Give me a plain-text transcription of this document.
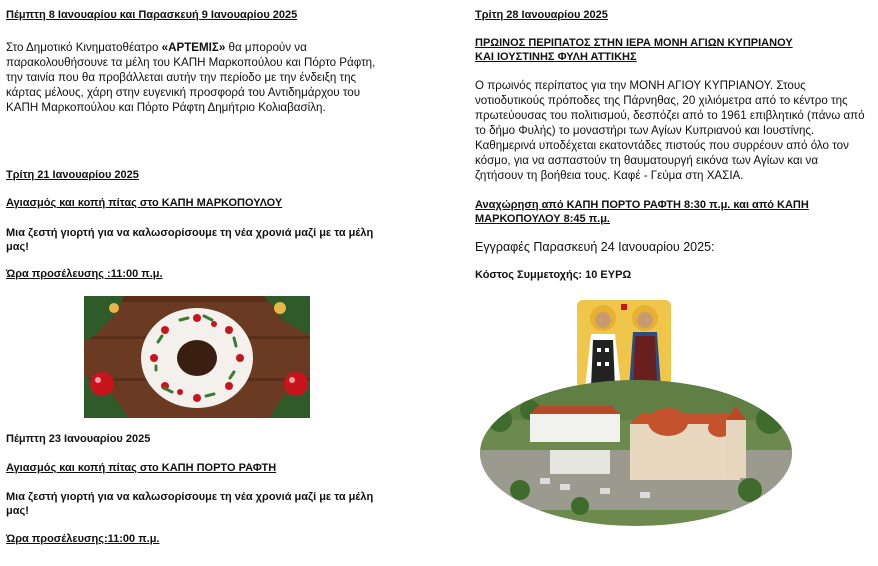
Πέμπτη 8 Ιανουαρίου και Παρασκευή 9 Ιανουαρίου 2025

Στο Δημοτικό Κινηματοθέατρο «ΑΡΤΕΜΙΣ» θα μπορούν να παρακολουθήσουνε τα μέλη του ΚΑΠΗ Μαρκοπούλου και Πόρτο Ράφτη, την ταινία που θα προβάλλεται αυτήν την περίοδο με την ένδειξη της κάρτας μέλους, χάρη στην ευγενική προσφορά του Αντιδημάρχου του ΚΑΠΗ Μαρκοπούλου και Πόρτο Ράφτη Δημήτριο Κολιαβασίλη.

Τρίτη 21 Ιανουαρίου 2025

Αγιασμός και κοπή πίτας στο ΚΑΠΗ ΜΑΡΚΟΠΟΥΛΟΥ

Μια ζεστή γιορτή για να καλωσορίσουμε τη νέα χρονιά μαζί με τα μέλη μας!

Ώρα προσέλευσης :11:00 π.μ.

Πέμπτη 23 Ιανουαρίου 2025

Αγιασμός και κοπή πίτας στο ΚΑΠΗ ΠΟΡΤΟ ΡΑΦΤΗ

Μια ζεστή γιορτή για να καλωσορίσουμε τη νέα χρονιά μαζί με τα μέλη μας!

Ώρα προσέλευσης:11:00 π.μ.

Τρίτη 28 Ιανουαρίου 2025

ΠΡΩΙΝΟΣ ΠΕΡΙΠΑΤΟΣ ΣΤΗΝ ΙΕΡΑ ΜΟΝΗ ΑΓΙΩΝ ΚΥΠΡΙΑΝΟΥ

ΚΑΙ ΙΟΥΣΤΙΝΗΣ ΦΥΛΗ ΑΤΤΙΚΗΣ

Ο πρωινός περίπατος για την ΜΟΝΗ ΑΓΙΟΥ ΚΥΠΡΙΑΝΟΥ. Στους νοτιοδυτικούς πρόποδες της Πάρνηθας, 20 χιλιόμετρα από το κέντρο της πρωτεύουσας του πολιτισμού, δεσπόζει από το 1961 επιβλητικό (πάνω από το δήμο Φυλής) το μοναστήρι των Αγίων Κυπριανού και Ιουστίνης. Καθημερινά υποδέχεται εκατοντάδες πιστούς που συρρέουν από όλο τον κόσμο, για να ασπαστούν τη θαυματουργή εικόνα των Αγίων και να ζητήσουν τη βοήθεια τους. Καφέ - Γεύμα στη ΧΑΣΙΑ.

Αναχώρηση από ΚΑΠΗ ΠΟΡΤΟ ΡΑΦΤΗ 8:30 π.μ. και από ΚΑΠΗ ΜΑΡΚΟΠΟΥΛΟΥ 8:45 π.μ.

Εγγραφές Παρασκευή 24 Ιανουαρίου 2025:

Κόστος Συμμετοχής: 10 ΕΥΡΩ
